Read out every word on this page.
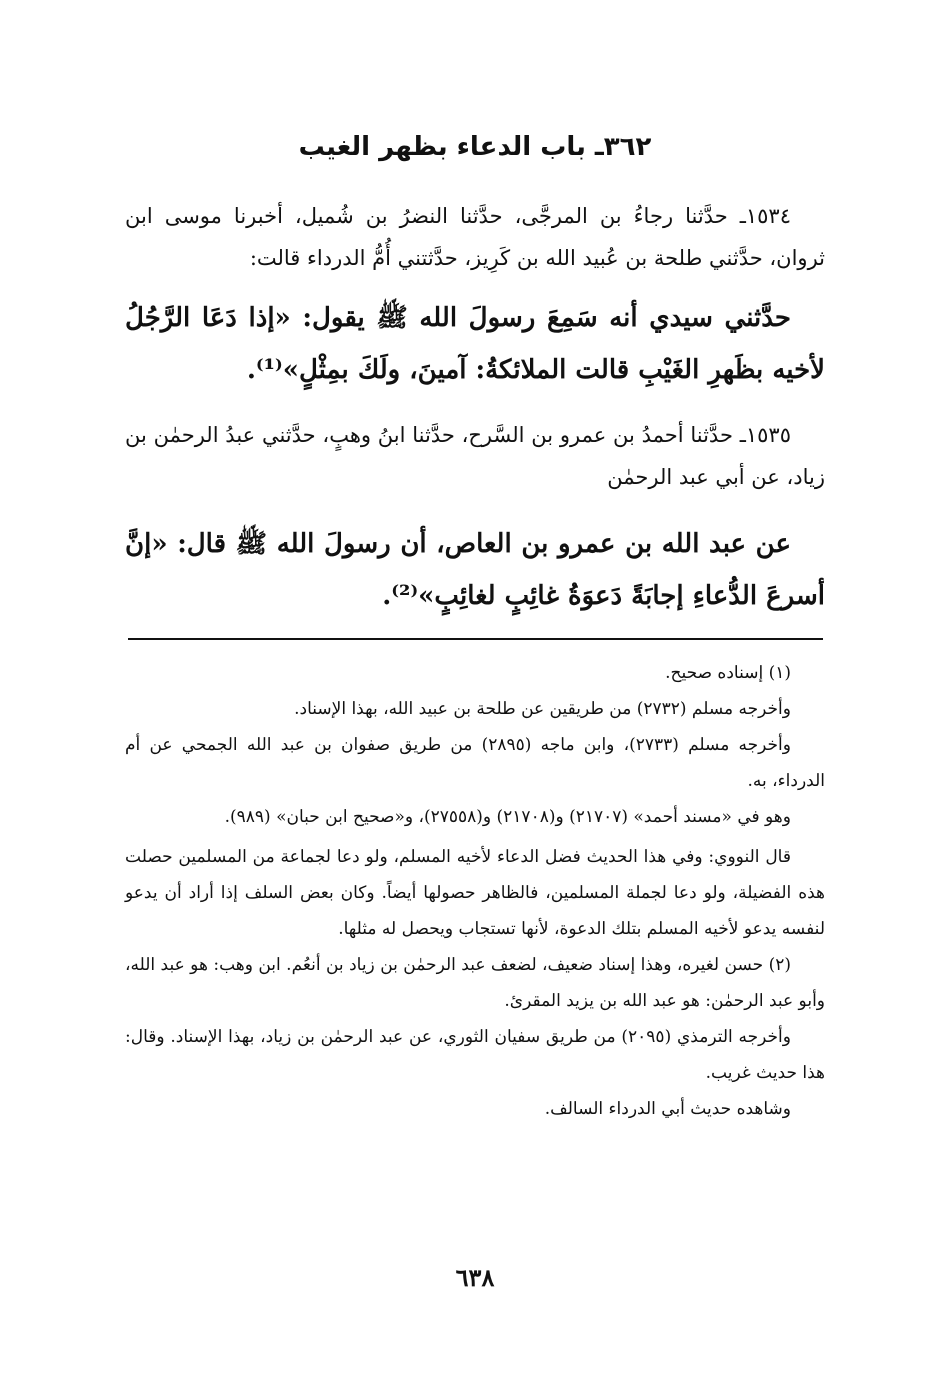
٣٦٢ـ باب الدعاء بظهر الغيب

١٥٣٤ـ حدَّثنا رجاءُ بن المرجَّى، حدَّثنا النضرُ بن شُميل، أخبرنا موسى ابن ثروان، حدَّثني طلحة بن عُبيد الله بن كَرِيز، حدَّثتني أُمُّ الدرداء قالت:

حدَّثني سيدي أنه سَمِعَ رسولَ الله ﷺ يقول: «إذا دَعَا الرَّجُلُ لأخيه بظَهرِ الغَيْبِ قالت الملائكةُ: آمينَ، ولَكَ بمِثْلٍ»⁽¹⁾.

١٥٣٥ـ حدَّثنا أحمدُ بن عمرو بن السَّرح، حدَّثنا ابنُ وهبٍ، حدَّثني عبدُ الرحمٰن بن زياد، عن أبي عبد الرحمٰن

عن عبد الله بن عمرو بن العاص، أن رسولَ الله ﷺ قال: «إنَّ أسرعَ الدُّعاءِ إجابَةً دَعوَةُ غائِبٍ لغائِبٍ»⁽²⁾.

(١) إسناده صحيح.

وأخرجه مسلم (٢٧٣٢) من طريقين عن طلحة بن عبيد الله، بهذا الإسناد.

وأخرجه مسلم (٢٧٣٣)، وابن ماجه (٢٨٩٥) من طريق صفوان بن عبد الله الجمحي عن أم الدرداء، به.

وهو في «مسند أحمد» (٢١٧٠٧) و(٢١٧٠٨) و(٢٧٥٥٨)، و«صحيح ابن حبان» (٩٨٩).

قال النووي: وفي هذا الحديث فضل الدعاء لأخيه المسلم، ولو دعا لجماعة من المسلمين حصلت هذه الفضيلة، ولو دعا لجملة المسلمين، فالظاهر حصولها أيضاً. وكان بعض السلف إذا أراد أن يدعو لنفسه يدعو لأخيه المسلم بتلك الدعوة، لأنها تستجاب ويحصل له مثلها.

(٢) حسن لغيره، وهذا إسناد ضعيف، لضعف عبد الرحمٰن بن زياد بن أنعُم. ابن وهب: هو عبد الله، وأبو عبد الرحمٰن: هو عبد الله بن يزيد المقرئ.

وأخرجه الترمذي (٢٠٩٥) من طريق سفيان الثوري، عن عبد الرحمٰن بن زياد، بهذا الإسناد. وقال: هذا حديث غريب.

وشاهده حديث أبي الدرداء السالف.

٦٣٨
